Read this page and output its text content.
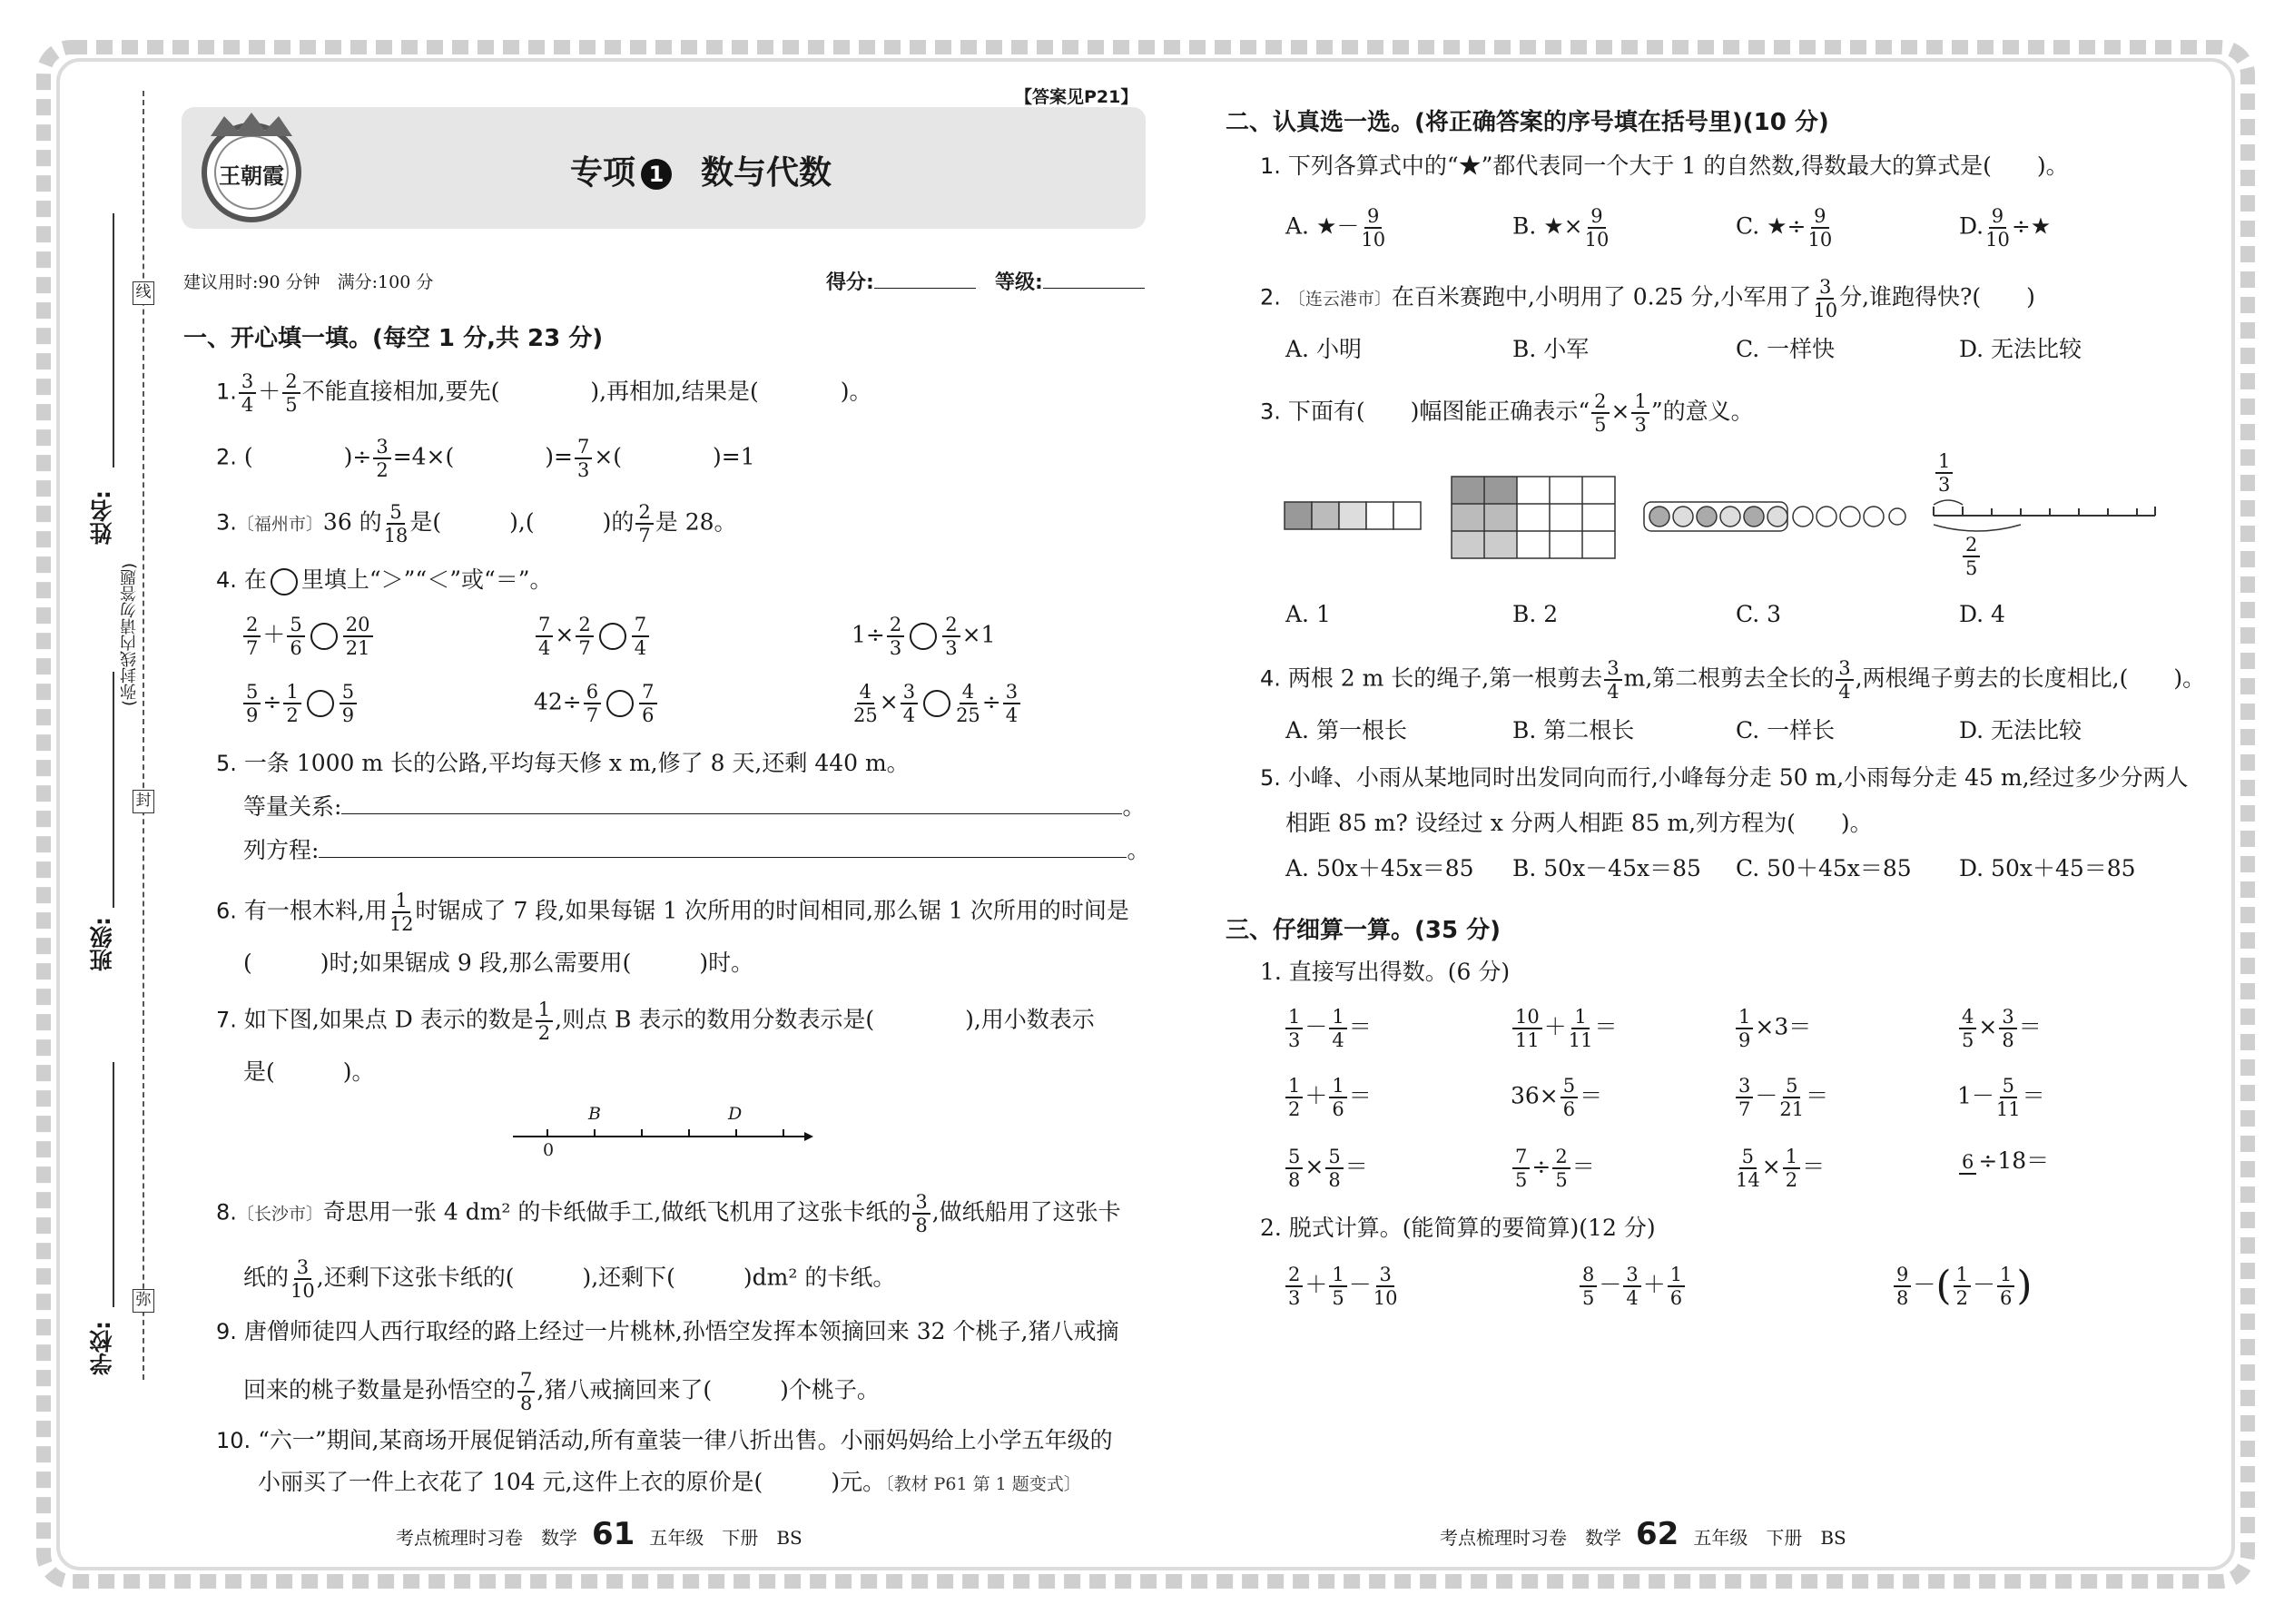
线
封
弥
(弥封线内请勿答题)
姓名:
班级:
学校:
【答案见P21】
王朝霞	专项 1 数与代数
建议用时:90 分钟　满分:100 分	得分:	等级:
一、开心填一填。(每空 1 分,共 23 分)
1. $\frac{3}{4} + \frac{2}{5}$ 不能直接相加,要先(	),再相加,结果是(	)。
2. (　　　　)÷ $\frac{3}{2} =4\times$(　　　　)= $\frac{7}{3}$ ×(　　　　)=1
3.〔福州市〕36 的 $\frac{5}{18}$ 是(　　　),(　　　)的 $\frac{2}{7}$ 是 28。
4. 在 里填上“＞”“＜”或“＝”。
$\frac{2}{7} + \frac{5}{6} \frac{20}{21}$	$\frac{7}{4} \times \frac{2}{7} \frac{7}{4}$	$1\div \frac{2}{3} \frac{2}{3} \times 1$
$\frac{5}{9} \div \frac{1}{2} \frac{5}{9}$	$42\div \frac{6}{7} \frac{7}{6}$	$\frac{4}{25} \times \frac{3}{4} \frac{4}{25} \div \frac{3}{4}$
5. 一条 1000 m 长的公路,平均每天修 x m,修了 8 天,还剩 440 m。
等量关系:	。
列方程:	。
6. 有一根木料,用 $\frac{1}{12}$ 时锯成了 7 段,如果每锯 1 次所用的时间相同,那么锯 1 次所用的时间是
(　　　)时;如果锯成 9 段,那么需要用(　　　)时。
7. 如下图,如果点 D 表示的数是 $\frac{1}{2}$ ,则点 B 表示的数用分数表示是(　　　　),用小数表示
是(　　　)。
B	D
0
8.〔长沙市〕奇思用一张 4 dm² 的卡纸做手工,做纸飞机用了这张卡纸的 $\frac{3}{8}$ ,做纸船用了这张卡
纸的 $\frac{3}{10}$ ,还剩下这张卡纸的(　　　),还剩下(　　　)dm² 的卡纸。
9. 唐僧师徒四人西行取经的路上经过一片桃林,孙悟空发挥本领摘回来 32 个桃子,猪八戒摘
回来的桃子数量是孙悟空的 $\frac{7}{8}$ ,猪八戒摘回来了(　　　)个桃子。
10. “六一”期间,某商场开展促销活动,所有童装一律八折出售。小丽妈妈给上小学五年级的
小丽买了一件上衣花了 104 元,这件上衣的原价是(　　　)元。〔教材 P61 第 1 题变式〕
考点梳理时习卷　数学 61 五年级　下册　BS
二、认真选一选。(将正确答案的序号填在括号里)(10 分)
1. 下列各算式中的“★”都代表同一个大于 1 的自然数,得数最大的算式是(　　)。
A. ★－ $\frac{9}{10}$	B. ★× $\frac{9}{10}$	C. ★÷ $\frac{9}{10}$	D. $\frac{9}{10}$ ÷★
2. 〔连云港市〕在百米赛跑中,小明用了 0.25 分,小军用了 $\frac{3}{10}$ 分,谁跑得快?(　　)
A. 小明	B. 小军	C. 一样快	D. 无法比较
3. 下面有(　　)幅图能正确表示“ $\frac{2}{5} \times \frac{1}{3}$ ”的意义。
$\frac{1}{3}$
$\frac{2}{5}$
A. 1	B. 2	C. 3	D. 4
4. 两根 2 m 长的绳子,第一根剪去 $\frac{3}{4} m$,第二根剪去全长的 $\frac{3}{4}$ ,两根绳子剪去的长度相比,(　　)。
A. 第一根长	B. 第二根长	C. 一样长	D. 无法比较
5. 小峰、小雨从某地同时出发同向而行,小峰每分走 50 m,小雨每分走 45 m,经过多少分两人
相距 85 m? 设经过 x 分两人相距 85 m,列方程为(　　)。
A. 50x＋45x＝85 B. 50x－45x＝85 C. 50＋45x＝85 D. 50x＋45＝85
三、仔细算一算。(35 分)
1. 直接写出得数。(6 分)
$\frac{1}{3} - \frac{1}{4}$ ＝	$\frac{10}{11} + \frac{1}{11}$ ＝	$\frac{1}{9} \times 3=$	$\frac{4}{5} \times \frac{3}{8}$ ＝
$\frac{1}{2} + \frac{1}{6}$ ＝	$36\times \frac{5}{6}$ ＝	$\frac{3}{7} - \frac{5}{21}$ ＝	$1- \frac{5}{11}$ ＝
$\frac{5}{8} \times \frac{5}{8}$ ＝	$\frac{7}{5} \div \frac{2}{5}$ ＝	$\frac{5}{14} \times \frac{1}{2}$ ＝	6 ÷18＝
2. 脱式计算。(能简算的要简算)(12 分)
$\frac{2}{3} + \frac{1}{5} - \frac{3}{10}$	$\frac{8}{5} - \frac{3}{4} + \frac{1}{6}$	$\frac{9}{8}$ －( $\frac{1}{2} - \frac{1}{6}$ )
考点梳理时习卷　数学 62 五年级　下册　BS
